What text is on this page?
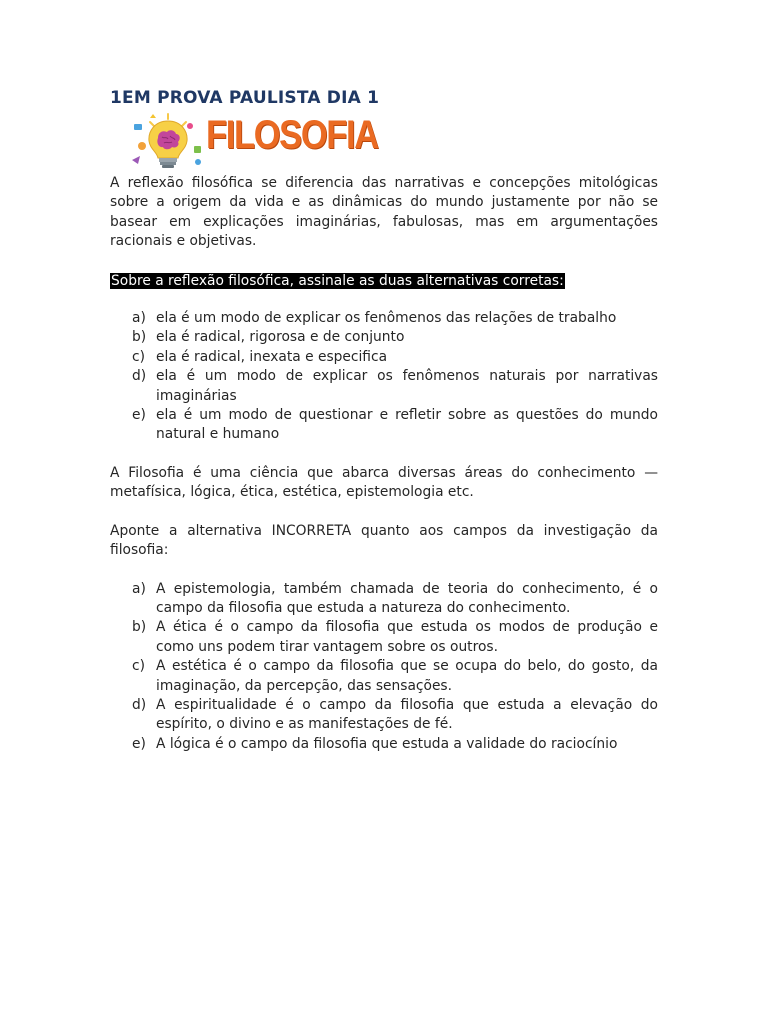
1EM PROVA PAULISTA DIA 1
FILOSOFIA

A reflexão filosófica se diferencia das narrativas e concepções mitológicas sobre a origem da vida e as dinâmicas do mundo justamente por não se basear em explicações imaginárias, fabulosas, mas em argumentações racionais e objetivas.

Sobre a reflexão filosófica, assinale as duas alternativas corretas:
a) ela é um modo de explicar os fenômenos das relações de trabalho
b) ela é radical, rigorosa e de conjunto
c) ela é radical, inexata e especifica
d) ela é um modo de explicar os fenômenos naturais por narrativas imaginárias
e) ela é um modo de questionar e refletir sobre as questões do mundo natural e humano

A Filosofia é uma ciência que abarca diversas áreas do conhecimento — metafísica, lógica, ética, estética, epistemologia etc.

Aponte a alternativa INCORRETA quanto aos campos da investigação da filosofia:

a) A epistemologia, também chamada de teoria do conhecimento, é o campo da filosofia que estuda a natureza do conhecimento.
b) A ética é o campo da filosofia que estuda os modos de produção e como uns podem tirar vantagem sobre os outros.
c) A estética é o campo da filosofia que se ocupa do belo, do gosto, da imaginação, da percepção, das sensações.
d) A espiritualidade é o campo da filosofia que estuda a elevação do espírito, o divino e as manifestações de fé.
e) A lógica é o campo da filosofia que estuda a validade do raciocínio
